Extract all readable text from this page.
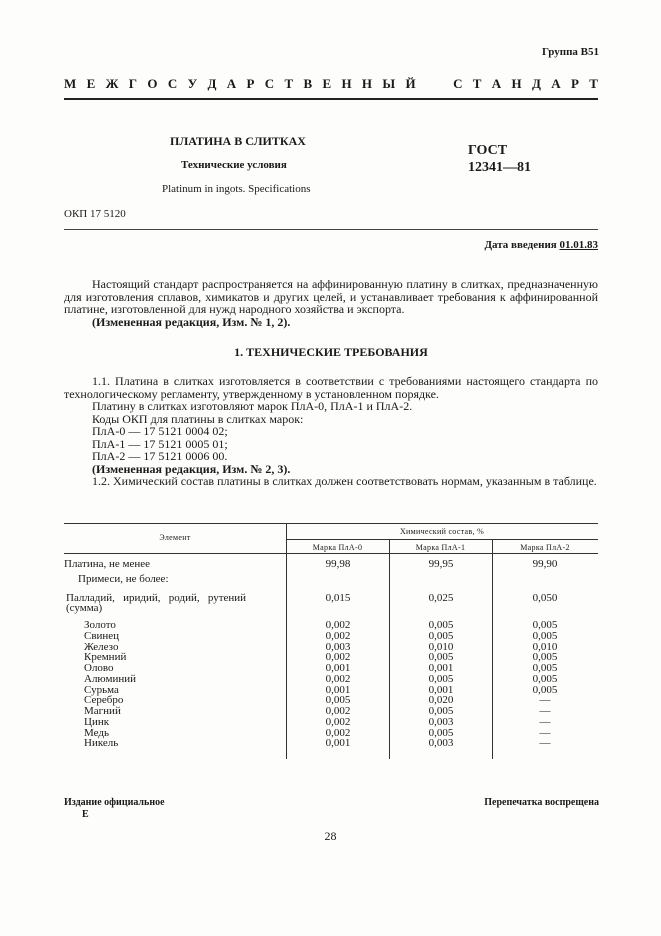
Группа В51
М Е Ж Г О С У Д А Р С Т В Е Н Н Ы Й

	С Т А Н Д А Р Т
ПЛАТИНА В СЛИТКАХ
Технические условия
Platinum in ingots. Specifications
ГОСТ
12341—81
ОКП 17 5120
Дата введения 01.01.83

Настоящий стандарт распространяется на аффинированную платину в слитках, предназначенную для изготовления сплавов, химикатов и других целей, и устанавливает требования к аффинированной платине, изготовленной для нужд народного хозяйства и экспорта.

(Измененная редакция, Изм. № 1, 2).

1. ТЕХНИЧЕСКИЕ ТРЕБОВАНИЯ

1.1. Платина в слитках изготовляется в соответствии с требованиями настоящего стандарта по технологическому регламенту, утвержденному в установленном порядке.

Платину в слитках изготовляют марок ПлА-0, ПлА-1 и ПлА-2.

Коды ОКП для платины в слитках марок:

ПлА-0 — 17 5121 0004 02;

ПлА-1 — 17 5121 0005 01;

ПлА-2 — 17 5121 0006 00.

(Измененная редакция, Изм. № 2, 3).

1.2. Химический состав платины в слитках должен соответствовать нормам, указанным в таблице.

Элемент
Химический состав, %
Марка ПлА-0	Марка ПлА-1	Марка ПлА-2
Платина, не менее	99,98	99,95	99,90
Примеси, не более:
Палладий,   иридий,   родий,   рутений	0,015	0,025	0,050
(сумма)
Золото	0,002	0,005	0,005
Свинец	0,002	0,005	0,005
Железо	0,003	0,010	0,010
Кремний	0,002	0,005	0,005
Олово	0,001	0,001	0,005
Алюминий	0,002	0,005	0,005
Сурьма	0,001	0,001	0,005
Серебро	0,005	0,020	—
Магний	0,002	0,005	—
Цинк	0,002	0,003	—
Медь	0,002	0,005	—
Никель	0,001	0,003	—
Издание официальное
Е
Перепечатка воспрещена
28
